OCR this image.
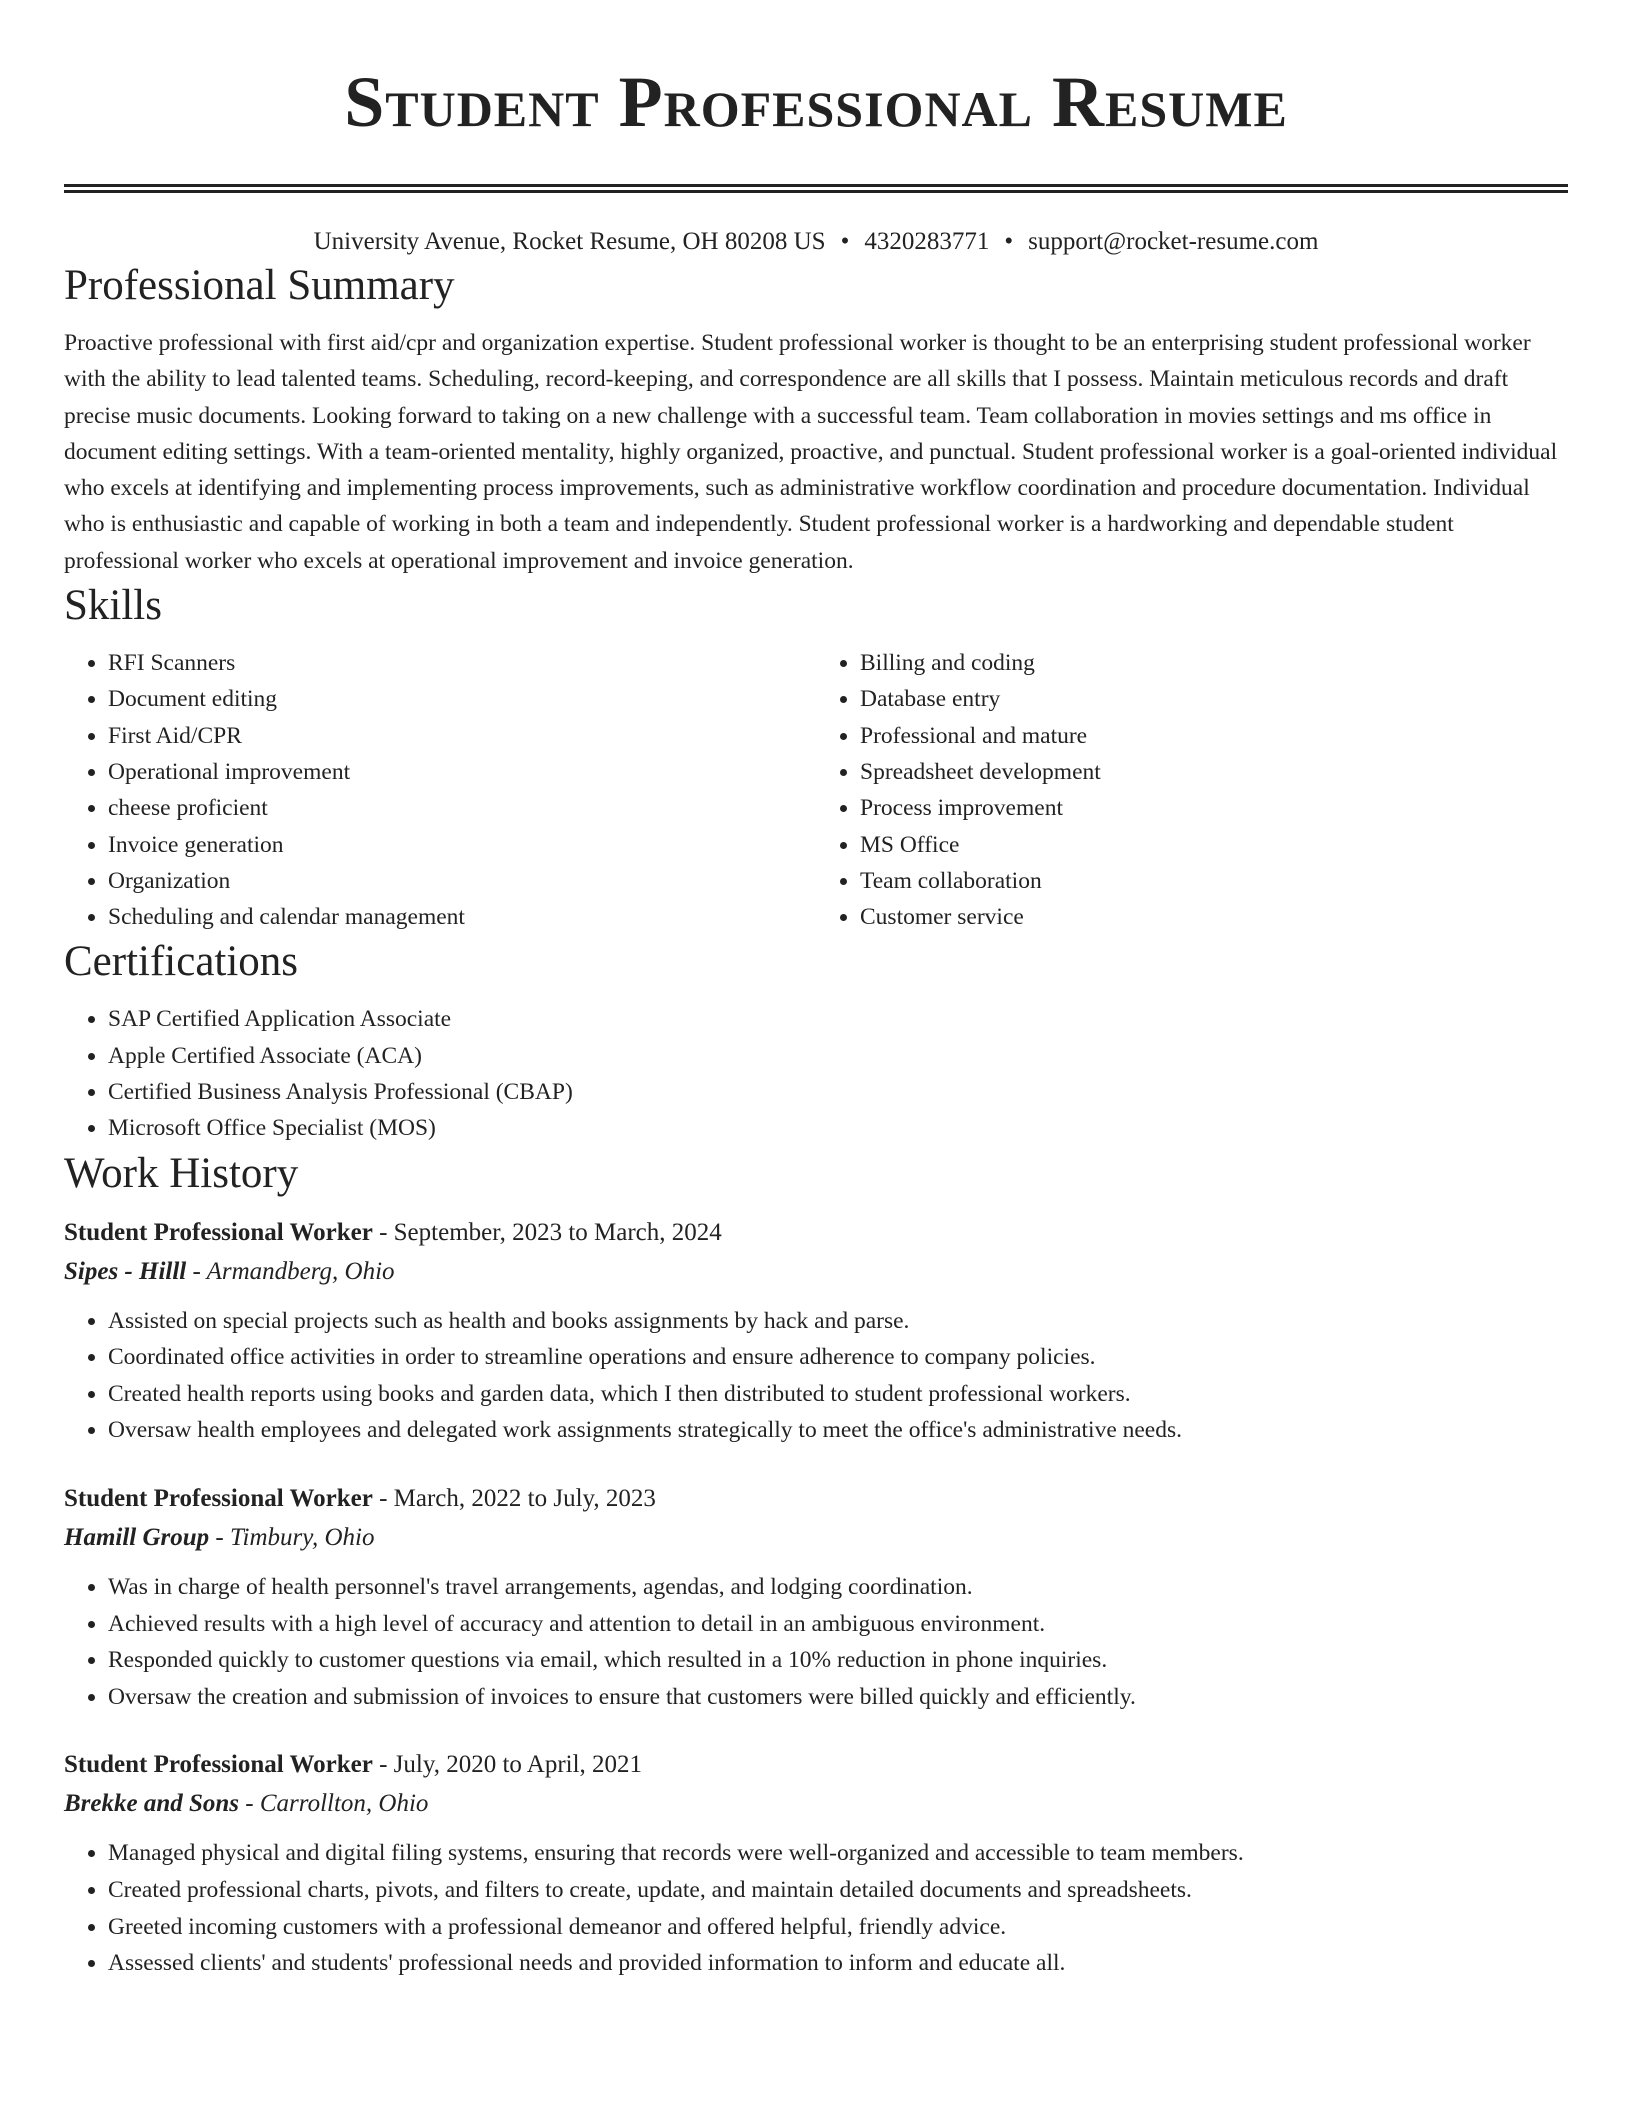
Student Professional Resume
University Avenue, Rocket Resume, OH 80208 US • 4320283771 • support@rocket-resume.com
Professional Summary

Proactive professional with first aid/cpr and organization expertise. Student professional worker is thought to be an enterprising student professional worker with the ability to lead talented teams. Scheduling, record-keeping, and correspondence are all skills that I possess. Maintain meticulous records and draft precise music documents. Looking forward to taking on a new challenge with a successful team. Team collaboration in movies settings and ms office in document editing settings. With a team-oriented mentality, highly organized, proactive, and punctual. Student professional worker is a goal-oriented individual who excels at identifying and implementing process improvements, such as administrative workflow coordination and procedure documentation. Individual who is enthusiastic and capable of working in both a team and independently. Student professional worker is a hardworking and dependable student professional worker who excels at operational improvement and invoice generation.

Skills
• RFI Scanners
• Document editing
• First Aid/CPR
• Operational improvement
• cheese proficient
• Invoice generation
• Organization
• Scheduling and calendar management
• Billing and coding
• Database entry
• Professional and mature
• Spreadsheet development
• Process improvement
• MS Office
• Team collaboration
• Customer service
Certifications
• SAP Certified Application Associate
• Apple Certified Associate (ACA)
• Certified Business Analysis Professional (CBAP)
• Microsoft Office Specialist (MOS)
Work History
Student Professional Worker - September, 2023 to March, 2024
Sipes - Hilll - Armandberg, Ohio
• Assisted on special projects such as health and books assignments by hack and parse.
• Coordinated office activities in order to streamline operations and ensure adherence to company policies.
• Created health reports using books and garden data, which I then distributed to student professional workers.
• Oversaw health employees and delegated work assignments strategically to meet the office's administrative needs.
Student Professional Worker - March, 2022 to July, 2023
Hamill Group - Timbury, Ohio
• Was in charge of health personnel's travel arrangements, agendas, and lodging coordination.
• Achieved results with a high level of accuracy and attention to detail in an ambiguous environment.
• Responded quickly to customer questions via email, which resulted in a 10% reduction in phone inquiries.
• Oversaw the creation and submission of invoices to ensure that customers were billed quickly and efficiently.
Student Professional Worker - July, 2020 to April, 2021
Brekke and Sons - Carrollton, Ohio
• Managed physical and digital filing systems, ensuring that records were well-organized and accessible to team members.
• Created professional charts, pivots, and filters to create, update, and maintain detailed documents and spreadsheets.
• Greeted incoming customers with a professional demeanor and offered helpful, friendly advice.
• Assessed clients' and students' professional needs and provided information to inform and educate all.
